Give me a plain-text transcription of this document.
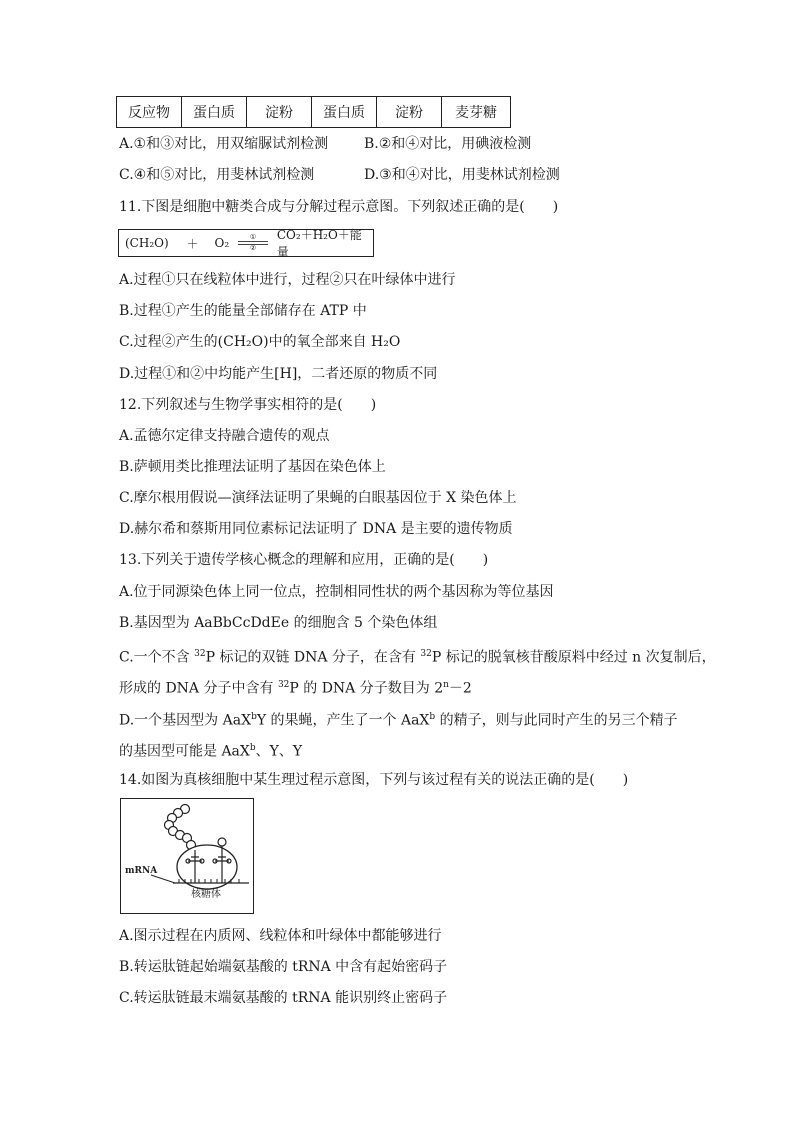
反应物	蛋白质	淀粉	蛋白质	淀粉	麦芽糖
A.①和③对比，用双缩脲试剂检测	B.②和④对比，用碘液检测
C.④和⑤对比，用斐林试剂检测	D.③和④对比，用斐林试剂检测
11.下图是细胞中糖类合成与分解过程示意图。下列叙述正确的是(　　)
(CH₂O)	＋	O₂	①
②
CO₂＋H₂O＋能量
A.过程①只在线粒体中进行，过程②只在叶绿体中进行
B.过程①产生的能量全部储存在 ATP 中
C.过程②产生的(CH₂O)中的氧全部来自 H₂O
D.过程①和②中均能产生[H]，二者还原的物质不同
12.下列叙述与生物学事实相符的是(　　)
A.孟德尔定律支持融合遗传的观点
B.萨顿用类比推理法证明了基因在染色体上
C.摩尔根用假说—演绎法证明了果蝇的白眼基因位于 X 染色体上
D.赫尔希和蔡斯用同位素标记法证明了 DNA 是主要的遗传物质
13.下列关于遗传学核心概念的理解和应用，正确的是(　　)
A.位于同源染色体上同一位点，控制相同性状的两个基因称为等位基因
B.基因型为 AaBbCcDdEe 的细胞含 5 个染色体组
C.一个不含 $^{32}$P 标记的双链 DNA 分子，在含有 $^{32}$P 标记的脱氧核苷酸原料中经过 n 次复制后，
形成的 DNA 分子中含有 $^{32}$P 的 DNA 分子数目为 $2^n-2$
D.一个基因型为 AaX$^b$Y 的果蝇，产生了一个 AaX$^b$ 的精子，则与此同时产生的另三个精子
的基因型可能是 AaX$^b$、Y、Y
14.如图为真核细胞中某生理过程示意图，下列与该过程有关的说法正确的是(　　)
mRNA
核糖体
A.图示过程在内质网、线粒体和叶绿体中都能够进行
B.转运肽链起始端氨基酸的 tRNA 中含有起始密码子
C.转运肽链最末端氨基酸的 tRNA 能识别终止密码子
